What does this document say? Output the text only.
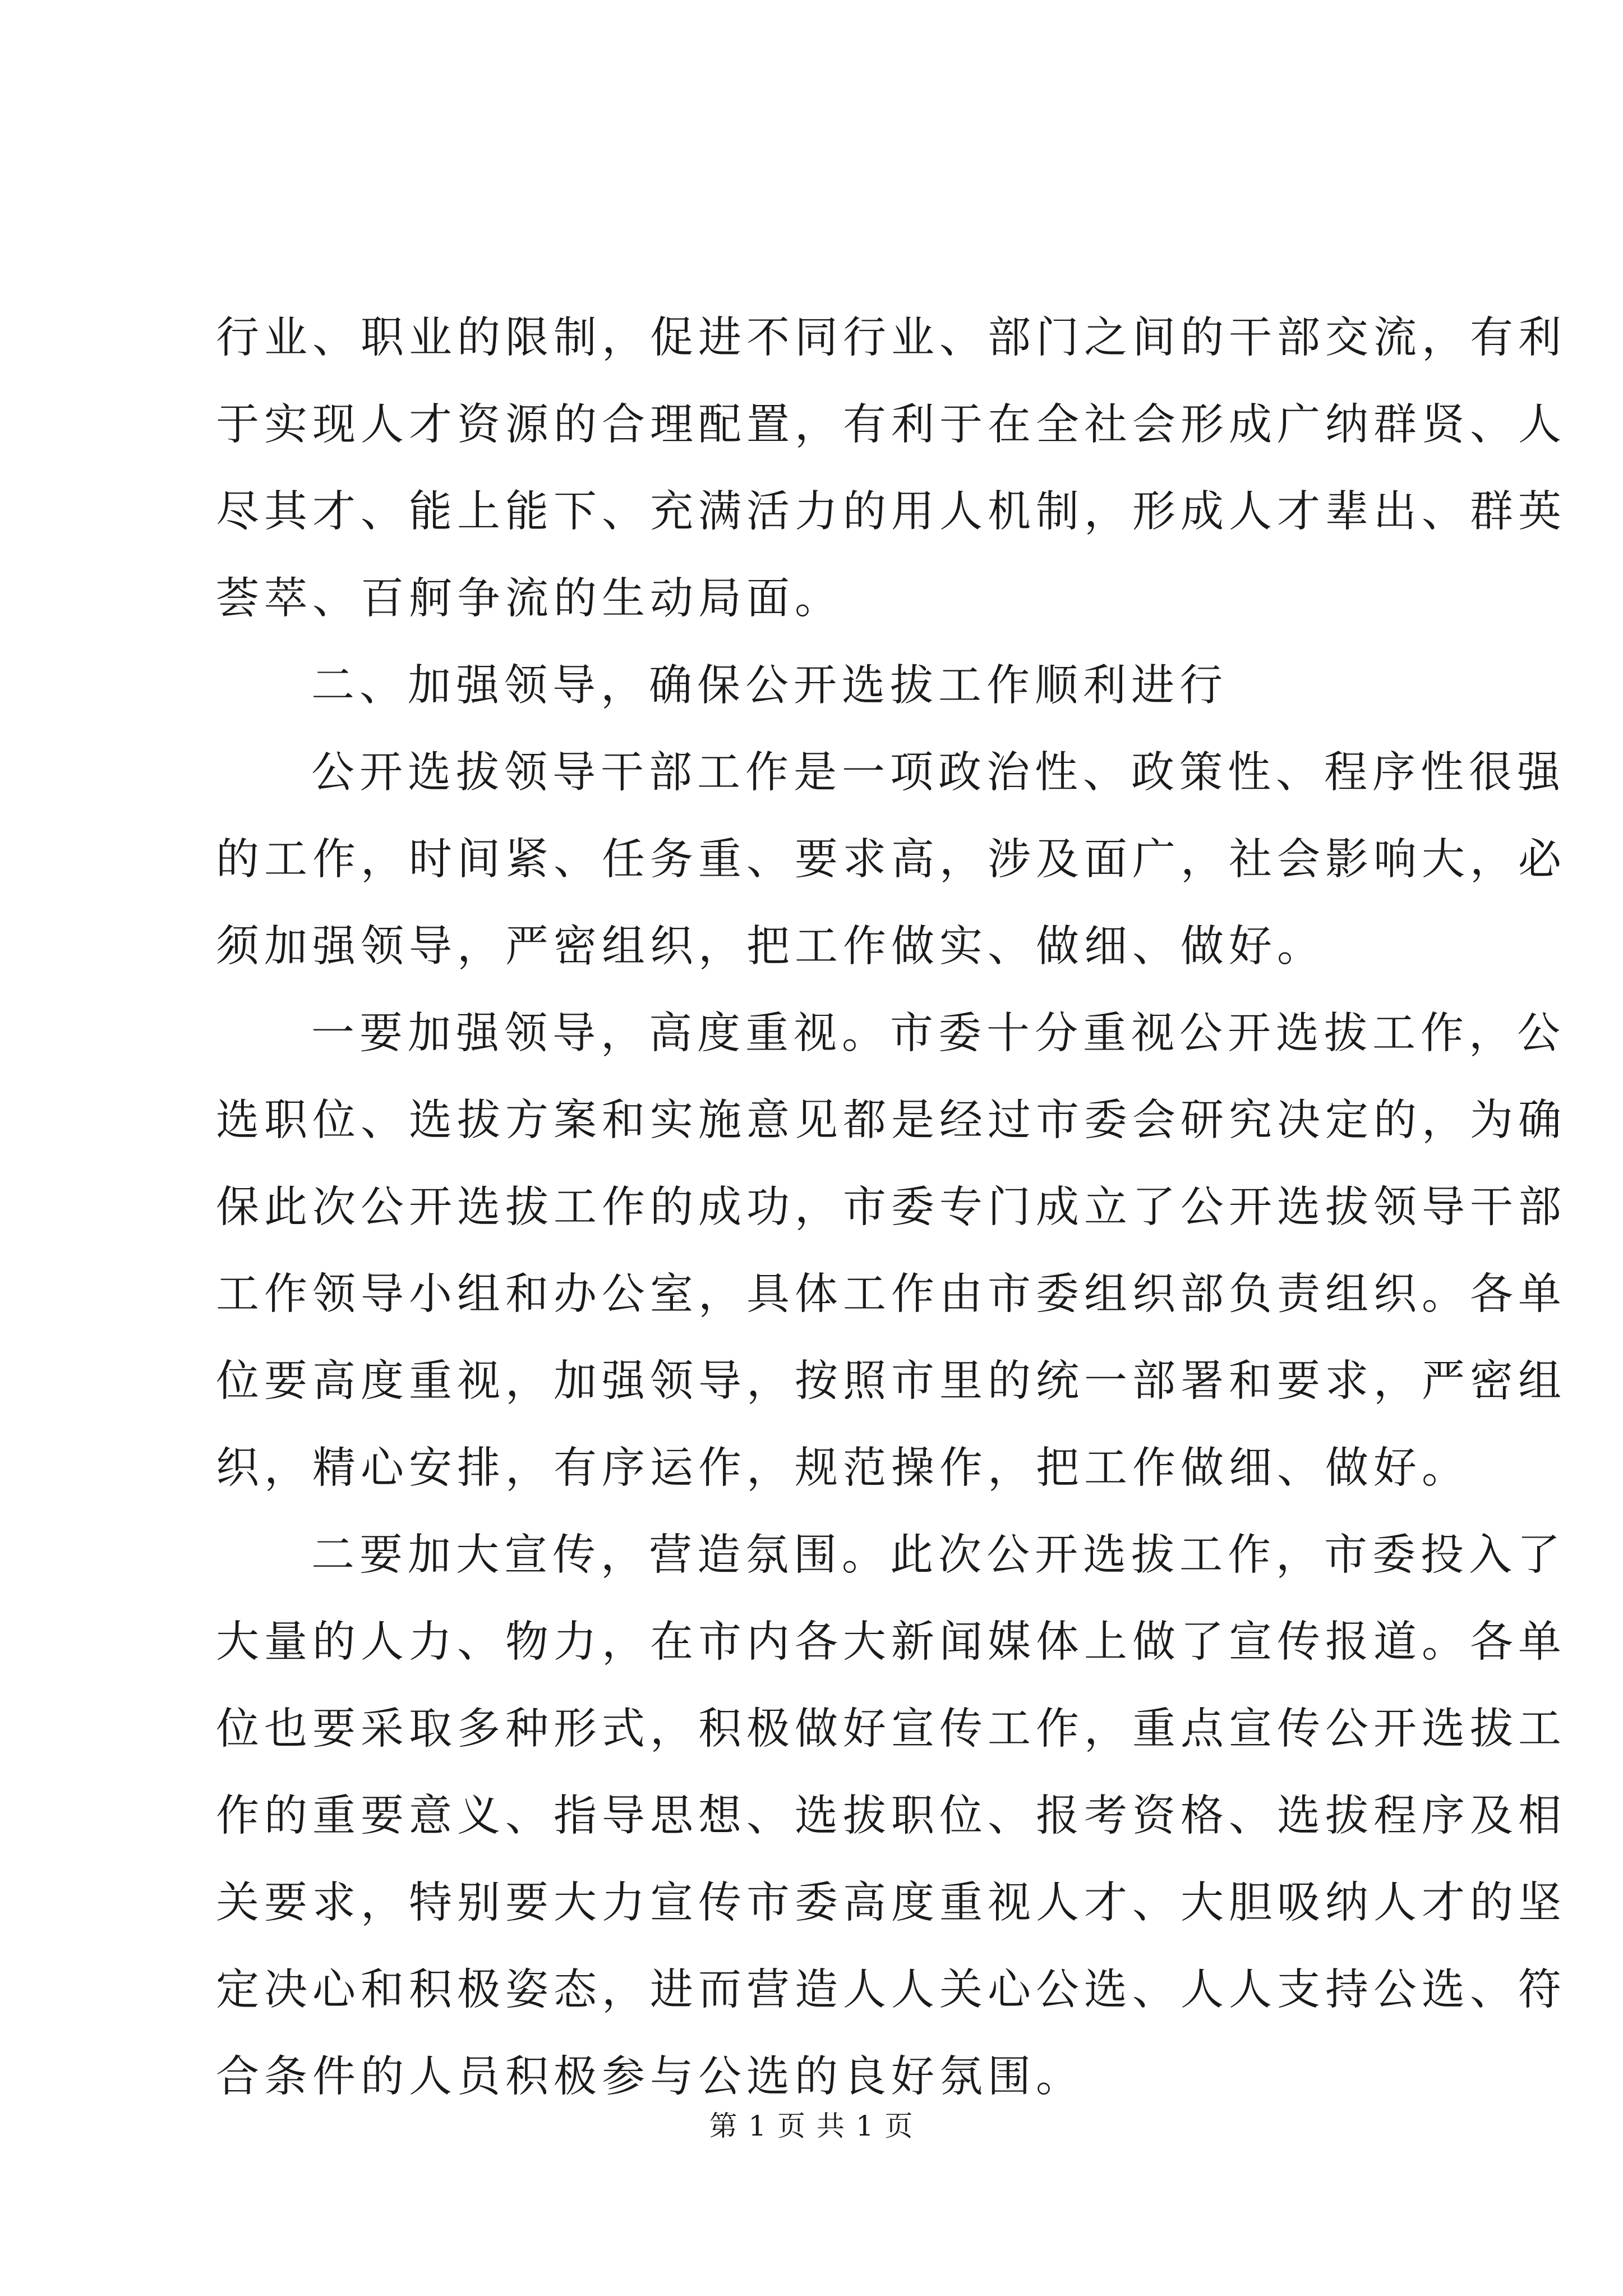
行业、职业的限制，促进不同行业、部门之间的干部交流，有利
于实现人才资源的合理配置，有利于在全社会形成广纳群贤、人
尽其才、能上能下、充满活力的用人机制，形成人才辈出、群英
荟萃、百舸争流的生动局面。
二、加强领导，确保公开选拔工作顺利进行
公开选拔领导干部工作是一项政治性、政策性、程序性很强
的工作，时间紧、任务重、要求高，涉及面广，社会影响大，必
须加强领导，严密组织，把工作做实、做细、做好。
一要加强领导，高度重视。市委十分重视公开选拔工作，公
选职位、选拔方案和实施意见都是经过市委会研究决定的，为确
保此次公开选拔工作的成功，市委专门成立了公开选拔领导干部
工作领导小组和办公室，具体工作由市委组织部负责组织。各单
位要高度重视，加强领导，按照市里的统一部署和要求，严密组
织，精心安排，有序运作，规范操作，把工作做细、做好。
二要加大宣传，营造氛围。此次公开选拔工作，市委投入了
大量的人力、物力，在市内各大新闻媒体上做了宣传报道。各单
位也要采取多种形式，积极做好宣传工作，重点宣传公开选拔工
作的重要意义、指导思想、选拔职位、报考资格、选拔程序及相
关要求，特别要大力宣传市委高度重视人才、大胆吸纳人才的坚
定决心和积极姿态，进而营造人人关心公选、人人支持公选、符
合条件的人员积极参与公选的良好氛围。
第 1 页 共 1 页
